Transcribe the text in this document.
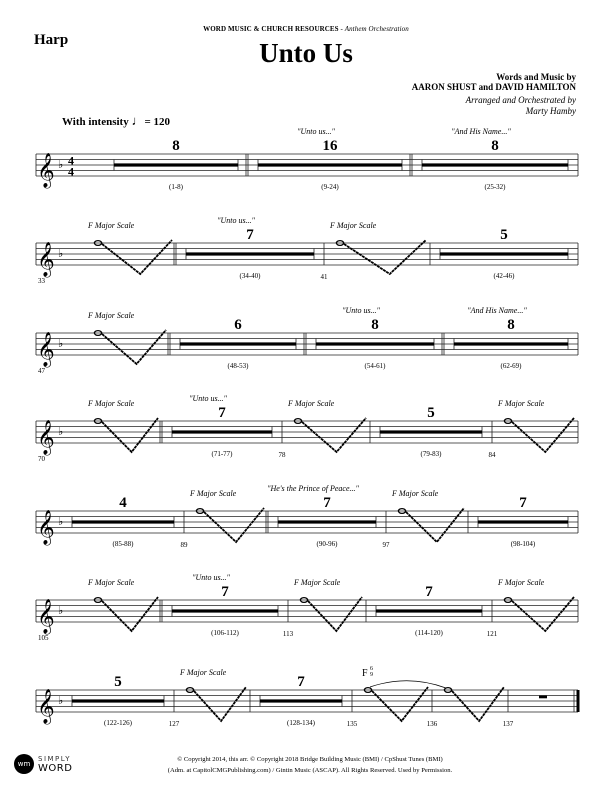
WORD MUSIC & CHURCH RESOURCES - Anthem Orchestration
Harp	Unto Us
Words and Music by
AARON SHUST and DAVID HAMILTON
Arranged and Orchestrated by
Marty Hamby
With intensity ♩= 120
𝄞 ♭ 4
4
8
(1-8)
16
(9-24)
"Unto us..."
8
(25-32)
"And His Name..."
𝄞 ♭
33
F Major Scale
7
(34-40)
"Unto us..."
41
F Major Scale
5
(42-46)
𝄞 ♭
47
F Major Scale
6
(48-53)
8
(54-61)
"Unto us..."
8
(62-69)
"And His Name..."
𝄞 ♭
70
F Major Scale
7
(71-77)
"Unto us..."
78
F Major Scale
5
(79-83)	84
F Major Scale
𝄞 ♭
4
(85-88)	89
F Major Scale
7
(90-96)
"He's the Prince of Peace..."
97
F Major Scale
7
(98-104)
𝄞 ♭
105
F Major Scale
7
(106-112)
"Unto us..."
113
F Major Scale
7
(114-120)	121
F Major Scale
𝄞 ♭
5
(122-126)	127
F Major Scale
7
(128-134)	135
F 6
9
136	137
wm
SIMPLY
WORD
© Copyright 2014, this arr. © Copyright 2018 Bridge Building Music (BMI) / CpShust Tunes (BMI)
(Adm. at CapitolCMGPublishing.com) / Gintin Music (ASCAP). All Rights Reserved. Used by Permission.
